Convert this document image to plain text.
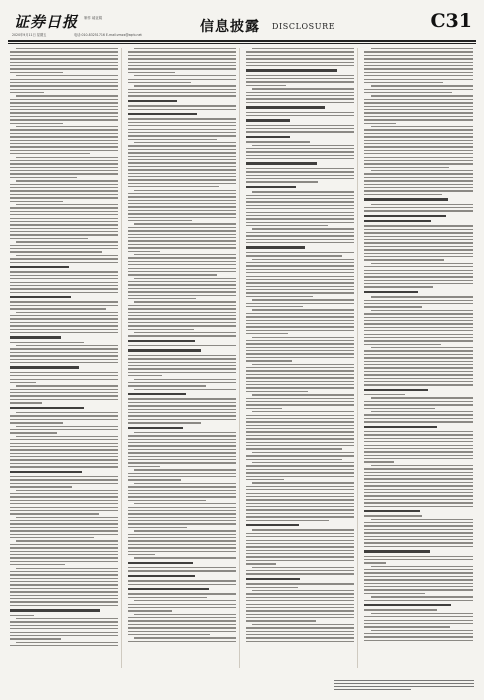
证券日报 制作 郝亚娟
2020年9月11日 星期五	电话:010-83251716 E-mail:zmzx@zqrb.net	信息披露 DISCLOSURE	C31
